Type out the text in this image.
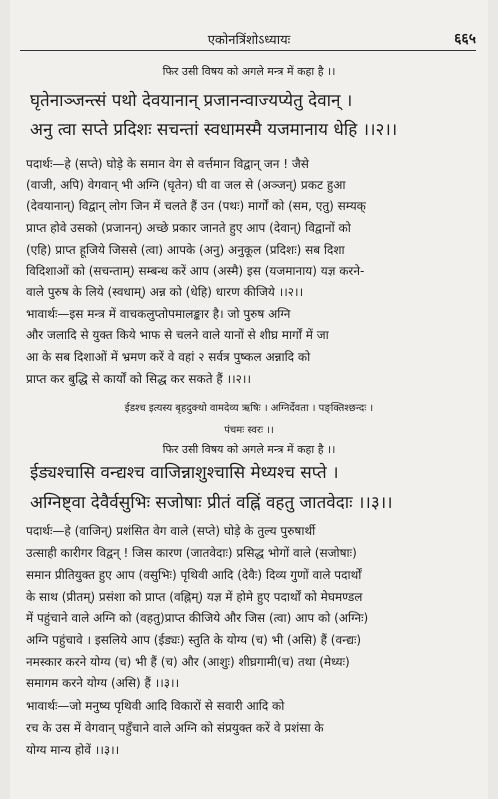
एकोनत्रिंशोऽध्यायः	६६५
फिर उसी विषय को अगले मन्त्र में कहा है ।।
घृतेनाञ्जन्त्सं पथो देवयानान् प्रजानन्वाज्यप्येतु देवान् ।
अनु त्वा सप्ते प्रदिशः सचन्तां स्वधामस्मै यजमानाय धेहि ।।२।।
पदार्थः—हे (सप्ते) घोड़े के समान वेग से वर्त्तमान विद्वान् जन ! जैसे
(वाजी, अपि) वेगवान् भी अग्नि (घृतेन) घी वा जल से (अञ्जन्) प्रकट हुआ
(देवयानान्) विद्वान् लोग जिन में चलते हैं उन (पथः) मार्गों को (सम, एतु) सम्यक्
प्राप्त होवे उसको (प्रजानन्) अच्छे प्रकार जानते हुए आप (देवान्) विद्वानों को
(एहि) प्राप्त हूजिये जिससे (त्वा) आपके (अनु) अनुकूल (प्रदिशः) सब दिशा
विदिशाओं को (सचन्ताम्) सम्बन्ध करें आप (अस्मै) इस (यजमानाय) यज्ञ करने-
वाले पुरुष के लिये (स्वधाम्) अन्न को (धेहि) धारण कीजिये ।।२।।
भावार्थः—इस मन्त्र में वाचकलुप्तोपमालङ्कार है। जो पुरुष अग्नि
और जलादि से युक्त किये भाफ से चलने वाले यानों से शीघ्र मार्गों में जा
आ के सब दिशाओं में भ्रमण करें वे वहां २ सर्वत्र पुष्कल अन्नादि को
प्राप्त कर बुद्धि से कार्यों को सिद्ध कर सकते हैं ।।२।।
ईडश्च इत्यस्य बृहदुक्थो वामदेव्य ऋषिः । अग्निर्देवता । पङ्क्तिश्छन्दः ।
पंचमः स्वरः ।।
फिर उसी विषय को अगले मन्त्र में कहा है ।।
ईड्यश्चासि वन्द्यश्च वाजिन्नाशुश्चासि मेध्यश्च सप्ते ।
अग्निष्ट्वा देवैर्वसुभिः सजोषाः प्रीतं वह्निं वहतु जातवेदाः ।।३।।
पदार्थः—हे (वाजिन्) प्रशंसित वेग वाले (सप्ते) घोड़े के तुल्य पुरुषार्थी
उत्साही कारीगर विद्वन् ! जिस कारण (जातवेदाः) प्रसिद्ध भोगों वाले (सजोषाः)
समान प्रीतियुक्त हुए आप (वसुभिः) पृथिवी आदि (देवैः) दिव्य गुणों वाले पदार्थों
के साथ (प्रीतम्) प्रसंशा को प्राप्त (वह्निम्) यज्ञ में होमे हुए पदार्थों को मेघमण्डल
में पहुंचाने वाले अग्नि को (वहतु)प्राप्त कीजिये और जिस (त्वा) आप को (अग्निः)
अग्नि पहुंचावे । इसलिये आप (ईड्यः) स्तुति के योग्य (च) भी (असि) हैं (वन्द्यः)
नमस्कार करने योग्य (च) भी हैं (च) और (आशुः) शीघ्रगामी(च) तथा (मेध्यः)
समागम करने योग्य (असि) हैं ।।३।।
भावार्थः—जो मनुष्य पृथिवी आदि विकारों से सवारी आदि को
रच के उस में वेगवान् पहुँचाने वाले अग्नि को संप्रयुक्त करें वे प्रशंसा के
योग्य मान्य होवें ।।३।।
